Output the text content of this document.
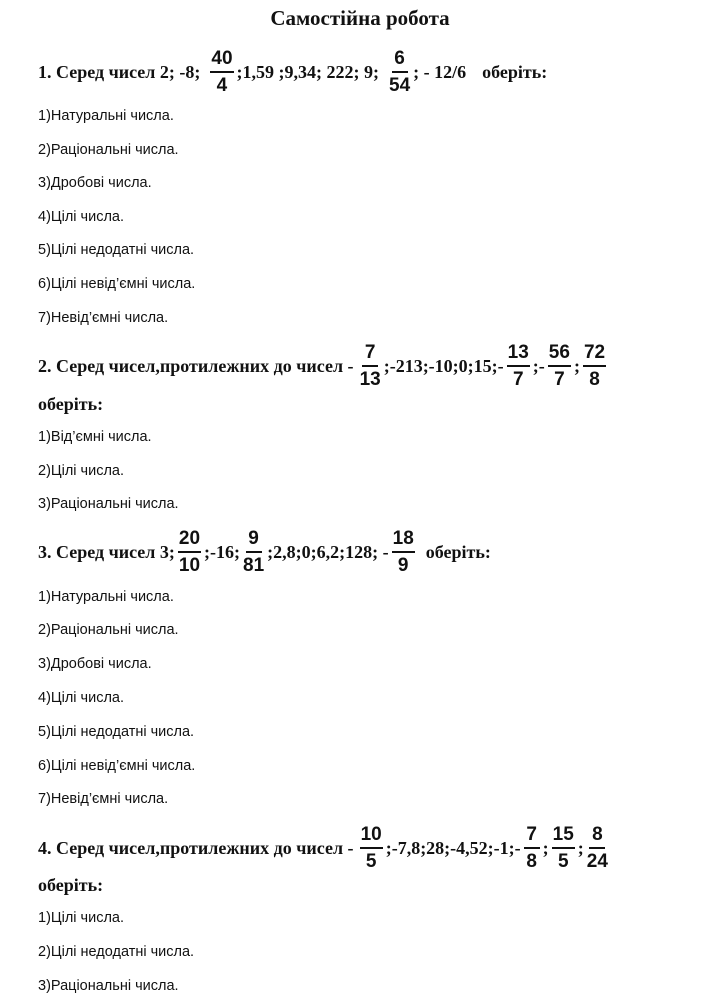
Самостійна робота
1. Серед чисел 2; -8; $\frac{40}{4}$ ;1,59 ;9,34; 222; 9; $\frac{6}{54}$ ; - 12/6 оберіть:
1)Натуральні числа.
2)Раціональні числа.
3)Дробові числа.
4)Цілі числа.
5)Цілі недодатні числа.
6)Цілі невід’ємні числа.
7)Невід’ємні числа.
2. Серед чисел,протилежних до чисел - $\frac{7}{13}$ ;-213;-10;0;15;- $\frac{13}{7}$ ;- $\frac{56}{7}$ ; $\frac{72}{8}$
оберіть:
1)Від’ємні числа.
2)Цілі числа.
3)Раціональні числа.
3. Серед чисел 3; $\frac{20}{10}$ ;-16; $\frac{9}{81}$ ;2,8;0;6,2;128; - $\frac{18}{9}$ оберіть:
1)Натуральні числа.
2)Раціональні числа.
3)Дробові числа.
4)Цілі числа.
5)Цілі недодатні числа.
6)Цілі невід’ємні числа.
7)Невід’ємні числа.
4. Серед чисел,протилежних до чисел - $\frac{10}{5}$ ;-7,8;28;-4,52;-1;- $\frac{7}{8}$ ; $\frac{15}{5}$ ; $\frac{8}{24}$
оберіть:
1)Цілі числа.
2)Цілі недодатні числа.
3)Раціональні числа.
